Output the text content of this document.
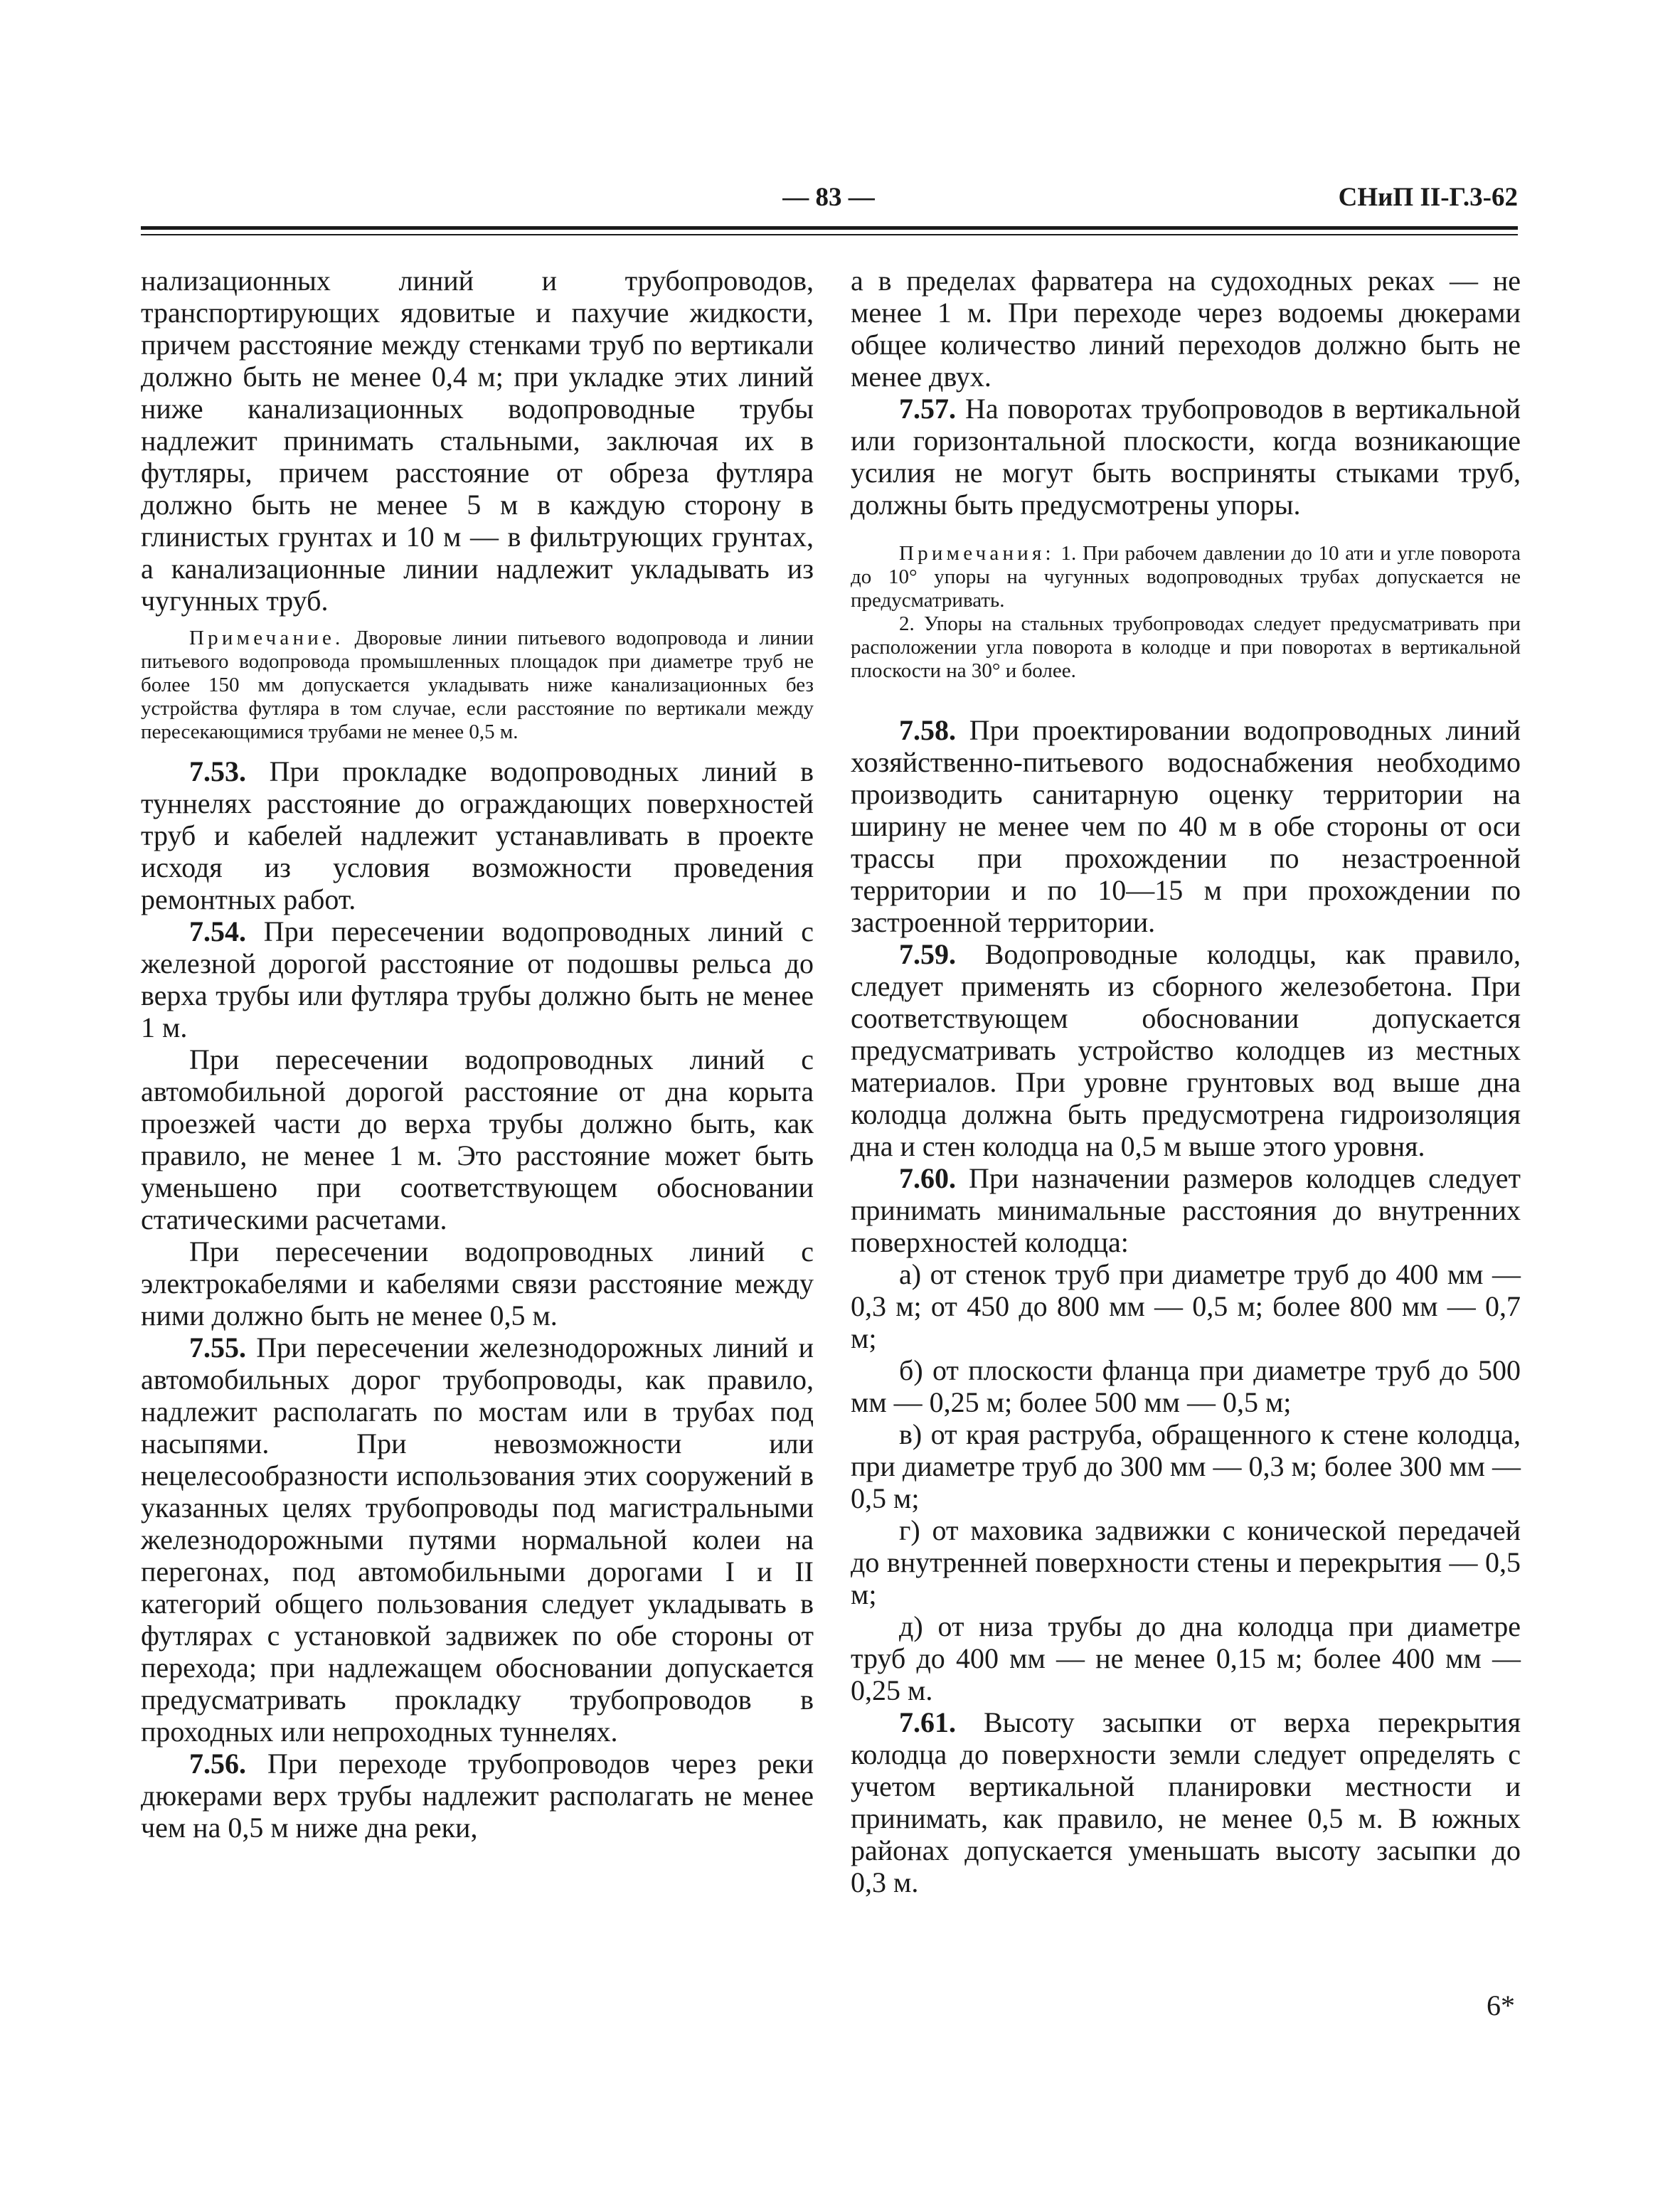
— 83 —	СНиП II-Г.3-62

нализационных линий и трубопроводов, транспортирующих ядовитые и пахучие жидкости, причем расстояние между стенками труб по вертикали должно быть не менее 0,4 м; при укладке этих линий ниже канализационных водопроводные трубы надлежит принимать стальными, заключая их в футляры, причем расстояние от обреза футляра должно быть не менее 5 м в каждую сторону в глинистых грунтах и 10 м — в фильтрующих грунтах, а канализационные линии надлежит укладывать из чугунных труб.

Примечание. Дворовые линии питьевого водопровода и линии питьевого водопровода промышленных площадок при диаметре труб не более 150 мм допускается укладывать ниже канализационных без устройства футляра в том случае, если расстояние по вертикали между пересекающимися трубами не менее 0,5 м.

7.53. При прокладке водопроводных линий в туннелях расстояние до ограждающих поверхностей труб и кабелей надлежит устанавливать в проекте исходя из условия возможности проведения ремонтных работ.

7.54. При пересечении водопроводных линий с железной дорогой расстояние от подошвы рельса до верха трубы или футляра трубы должно быть не менее 1 м.

При пересечении водопроводных линий с автомобильной дорогой расстояние от дна корыта проезжей части до верха трубы должно быть, как правило, не менее 1 м. Это расстояние может быть уменьшено при соответствующем обосновании статическими расчетами.

При пересечении водопроводных линий с электрокабелями и кабелями связи расстояние между ними должно быть не менее 0,5 м.

7.55. При пересечении железнодорожных линий и автомобильных дорог трубопроводы, как правило, надлежит располагать по мостам или в трубах под насыпями. При невозможности или нецелесообразности использования этих сооружений в указанных целях трубопроводы под магистральными железнодорожными путями нормальной колеи на перегонах, под автомобильными дорогами I и II категорий общего пользования следует укладывать в футлярах с установкой задвижек по обе стороны от перехода; при надлежащем обосновании допускается предусматривать прокладку трубопроводов в проходных или непроходных туннелях.

7.56. При переходе трубопроводов через реки дюкерами верх трубы надлежит располагать не менее чем на 0,5 м ниже дна реки,

а в пределах фарватера на судоходных реках — не менее 1 м. При переходе через водоемы дюкерами общее количество линий переходов должно быть не менее двух.

7.57. На поворотах трубопроводов в вертикальной или горизонтальной плоскости, когда возникающие усилия не могут быть восприняты стыками труб, должны быть предусмотрены упоры.

Примечания: 1. При рабочем давлении до 10 ати и угле поворота до 10° упоры на чугунных водопроводных трубах допускается не предусматривать.

2. Упоры на стальных трубопроводах следует предусматривать при расположении угла поворота в колодце и при поворотах в вертикальной плоскости на 30° и более.

7.58. При проектировании водопроводных линий хозяйственно-питьевого водоснабжения необходимо производить санитарную оценку территории на ширину не менее чем по 40 м в обе стороны от оси трассы при прохождении по незастроенной территории и по 10—15 м при прохождении по застроенной территории.

7.59. Водопроводные колодцы, как правило, следует применять из сборного железобетона. При соответствующем обосновании допускается предусматривать устройство колодцев из местных материалов. При уровне грунтовых вод выше дна колодца должна быть предусмотрена гидроизоляция дна и стен колодца на 0,5 м выше этого уровня.

7.60. При назначении размеров колодцев следует принимать минимальные расстояния до внутренних поверхностей колодца:

а) от стенок труб при диаметре труб до 400 мм — 0,3 м; от 450 до 800 мм — 0,5 м; более 800 мм — 0,7 м;

б) от плоскости фланца при диаметре труб до 500 мм — 0,25 м; более 500 мм — 0,5 м;

в) от края раструба, обращенного к стене колодца, при диаметре труб до 300 мм — 0,3 м; более 300 мм — 0,5 м;

г) от маховика задвижки с конической передачей до внутренней поверхности стены и перекрытия — 0,5 м;

д) от низа трубы до дна колодца при диаметре труб до 400 мм — не менее 0,15 м; более 400 мм — 0,25 м.

7.61. Высоту засыпки от верха перекрытия колодца до поверхности земли следует определять с учетом вертикальной планировки местности и принимать, как правило, не менее 0,5 м. В южных районах допускается уменьшать высоту засыпки до 0,3 м.

6*
